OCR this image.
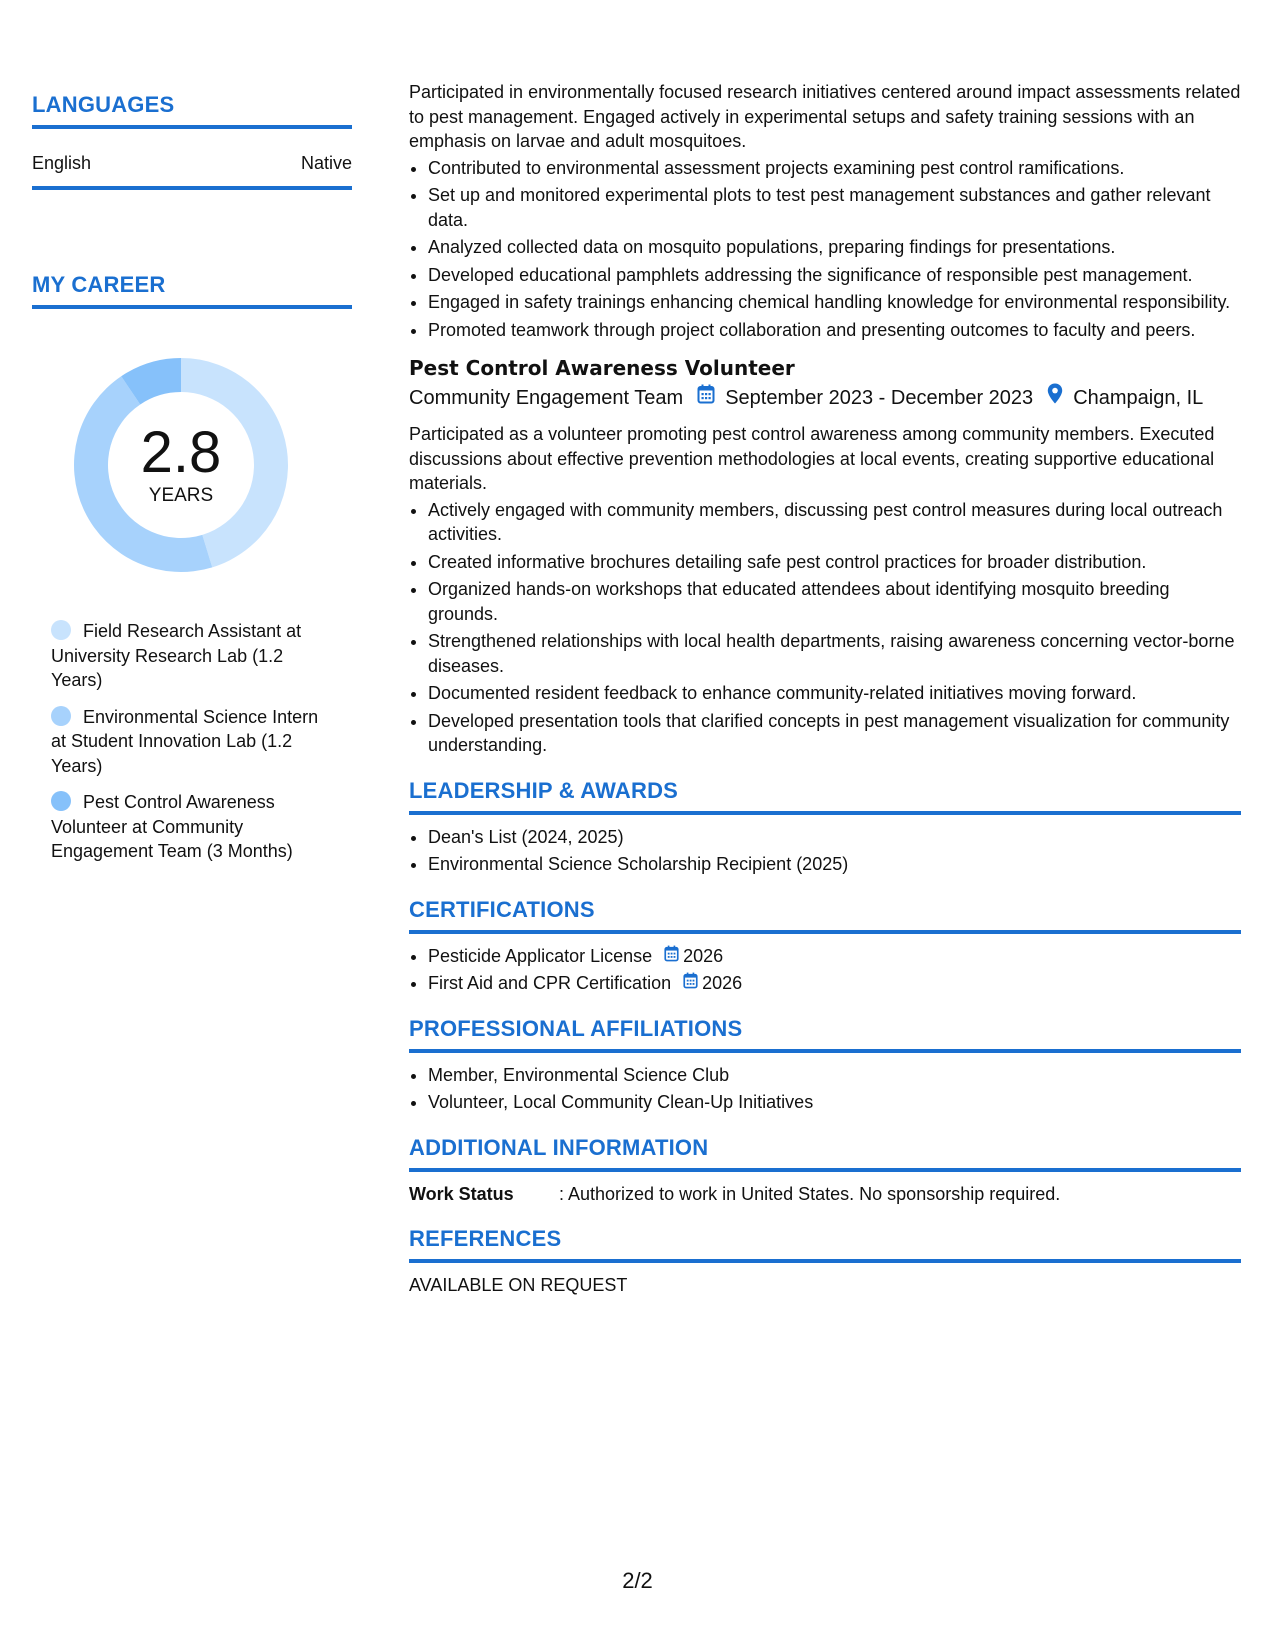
LANGUAGES
English	Native
MY CAREER
2.8
YEARS
Field Research Assistant at University Research Lab (1.2 Years)
Environmental Science Intern at Student Innovation Lab (1.2 Years)
Pest Control Awareness Volunteer at Community Engagement Team (3 Months)

Participated in environmentally focused research initiatives centered around impact assessments related to pest management. Engaged actively in experimental setups and safety training sessions with an emphasis on larvae and adult mosquitoes.

• Contributed to environmental assessment projects examining pest control ramifications.
• Set up and monitored experimental plots to test pest management substances and gather relevant data.
• Analyzed collected data on mosquito populations, preparing findings for presentations.
• Developed educational pamphlets addressing the significance of responsible pest management.
• Engaged in safety trainings enhancing chemical handling knowledge for environmental responsibility.
• Promoted teamwork through project collaboration and presenting outcomes to faculty and peers.
Pest Control Awareness Volunteer
Community Engagement Team September 2023 - December 2023 Champaign, IL

Participated as a volunteer promoting pest control awareness among community members. Executed discussions about effective prevention methodologies at local events, creating supportive educational materials.

• Actively engaged with community members, discussing pest control measures during local outreach activities.
• Created informative brochures detailing safe pest control practices for broader distribution.
• Organized hands-on workshops that educated attendees about identifying mosquito breeding grounds.
• Strengthened relationships with local health departments, raising awareness concerning vector-borne diseases.
• Documented resident feedback to enhance community-related initiatives moving forward.
• Developed presentation tools that clarified concepts in pest management visualization for community understanding.
LEADERSHIP & AWARDS
• Dean's List (2024, 2025)
• Environmental Science Scholarship Recipient (2025)
CERTIFICATIONS
• Pesticide Applicator License 2026
• First Aid and CPR Certification 2026
PROFESSIONAL AFFILIATIONS
• Member, Environmental Science Club
• Volunteer, Local Community Clean-Up Initiatives
ADDITIONAL INFORMATION
Work Status	: Authorized to work in United States. No sponsorship required.
REFERENCES

AVAILABLE ON REQUEST

2/2
